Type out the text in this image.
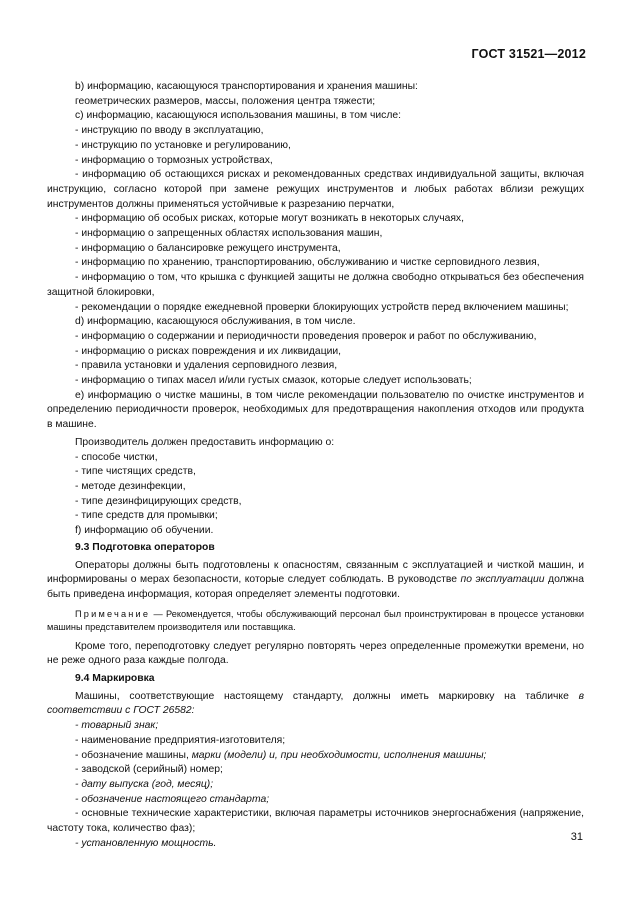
ГОСТ 31521—2012

b) информацию, касающуюся транспортирования и хранения машины:

геометрических размеров, массы, положения центра тяжести;

с) информацию, касающуюся использования машины, в том числе:

- инструкцию по вводу в эксплуатацию,

- инструкцию по установке и регулированию,

- информацию о тормозных устройствах,

- информацию об остающихся рисках и рекомендованных средствах индивидуальной защиты, включая инструкцию, согласно которой при замене режущих инструментов и любых работах вблизи режущих инструментов должны применяться устойчивые к разрезанию перчатки,

- информацию об особых рисках, которые могут возникать в некоторых случаях,

- информацию о запрещенных областях использования машин,

- информацию о балансировке режущего инструмента,

- информацию по хранению, транспортированию, обслуживанию и чистке серповидного лезвия,

- информацию о том, что крышка с функцией защиты не должна свободно открываться без обеспечения защитной блокировки,

- рекомендации о порядке ежедневной проверки блокирующих устройств перед включением машины;

d) информацию, касающуюся обслуживания, в том числе.

- информацию о содержании и периодичности проведения проверок и работ по обслуживанию,

- информацию о рисках повреждения и их ликвидации,

- правила установки и удаления серповидного лезвия,

- информацию о типах масел и/или густых смазок, которые следует использовать;

е) информацию о чистке машины, в том числе рекомендации пользователю по очистке инструментов и определению периодичности проверок, необходимых для предотвращения накопления отходов или продукта в машине.

Производитель должен предоставить информацию о:

- способе чистки,

- типе чистящих средств,

- методе дезинфекции,

- типе дезинфицирующих средств,

- типе средств для промывки;

f) информацию об обучении.

9.3 Подготовка операторов

Операторы должны быть подготовлены к опасностям, связанным с эксплуатацией и чисткой машин, и информированы о мерах безопасности, которые следует соблюдать. В руководстве по эксплуатации должна быть приведена информация, которая определяет элементы подготовки.

Примечание — Рекомендуется, чтобы обслуживающий персонал был проинструктирован в процессе установки машины представителем производителя или поставщика.

Кроме того, переподготовку следует регулярно повторять через определенные промежутки времени, но не реже одного раза каждые полгода.

9.4 Маркировка

Машины, соответствующие настоящему стандарту, должны иметь маркировку на табличке в соответствии с ГОСТ 26582:

- товарный знак;

- наименование предприятия-изготовителя;

- обозначение машины, марки (модели) и, при необходимости, исполнения машины;

- заводской (серийный) номер;

- дату выпуска (год, месяц);

- обозначение настоящего стандарта;

- основные технические характеристики, включая параметры источников энергоснабжения (напряжение, частоту тока, количество фаз);

- установленную мощность.

31
